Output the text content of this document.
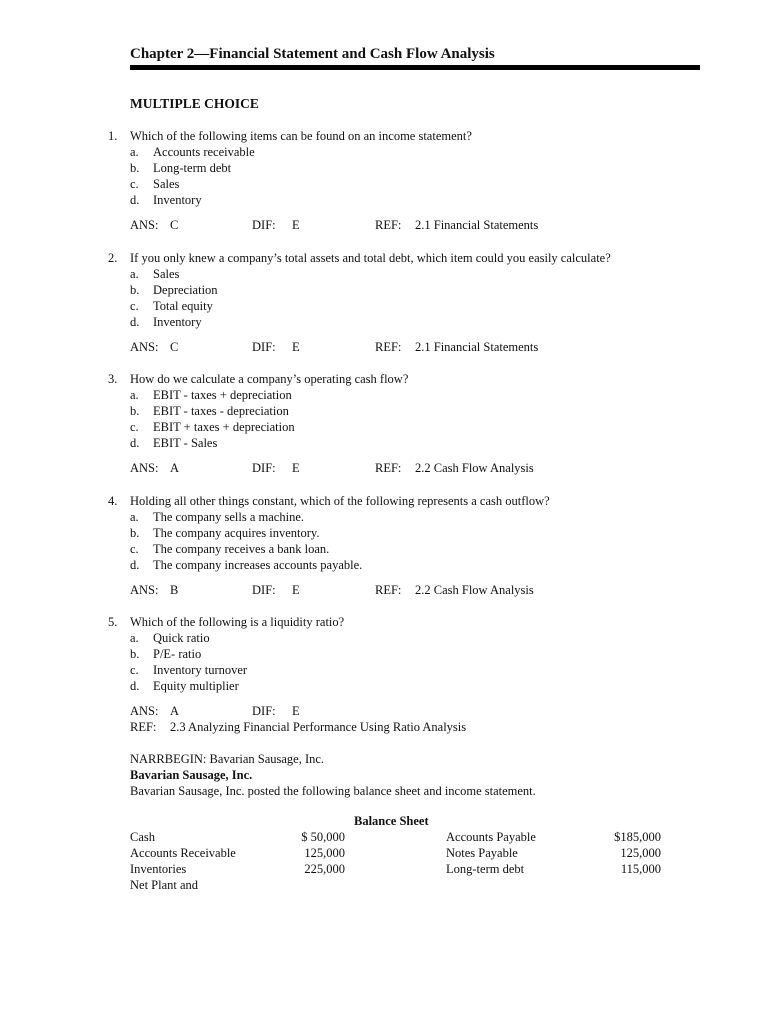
Chapter 2—Financial Statement and Cash Flow Analysis
MULTIPLE CHOICE
1.	Which of the following items can be found on an income statement?
a.	Accounts receivable
b.	Long-term debt
c.	Sales
d.	Inventory
ANS: C	DIF: E	REF: 2.1 Financial Statements
2.	If you only knew a company’s total assets and total debt, which item could you easily calculate?
a.	Sales
b.	Depreciation
c.	Total equity
d.	Inventory
ANS: C	DIF: E	REF: 2.1 Financial Statements
3.	How do we calculate a company’s operating cash flow?
a.	EBIT - taxes + depreciation
b.	EBIT - taxes - depreciation
c.	EBIT + taxes + depreciation
d.	EBIT - Sales
ANS: A	DIF: E	REF: 2.2 Cash Flow Analysis
4.	Holding all other things constant, which of the following represents a cash outflow?
a.	The company sells a machine.
b.	The company acquires inventory.
c.	The company receives a bank loan.
d.	The company increases accounts payable.
ANS: B	DIF: E	REF: 2.2 Cash Flow Analysis
5.	Which of the following is a liquidity ratio?
a.	Quick ratio
b.	P/E- ratio
c.	Inventory turnover
d.	Equity multiplier
ANS: A	DIF: E
REF: 2.3 Analyzing Financial Performance Using Ratio Analysis
NARRBEGIN: Bavarian Sausage, Inc.
Bavarian Sausage, Inc.
Bavarian Sausage, Inc. posted the following balance sheet and income statement.
Balance Sheet
Cash	$ 50,000	Accounts Payable	$185,000
Accounts Receivable	125,000	Notes Payable	125,000
Inventories	225,000	Long-term debt	115,000
Net Plant and
